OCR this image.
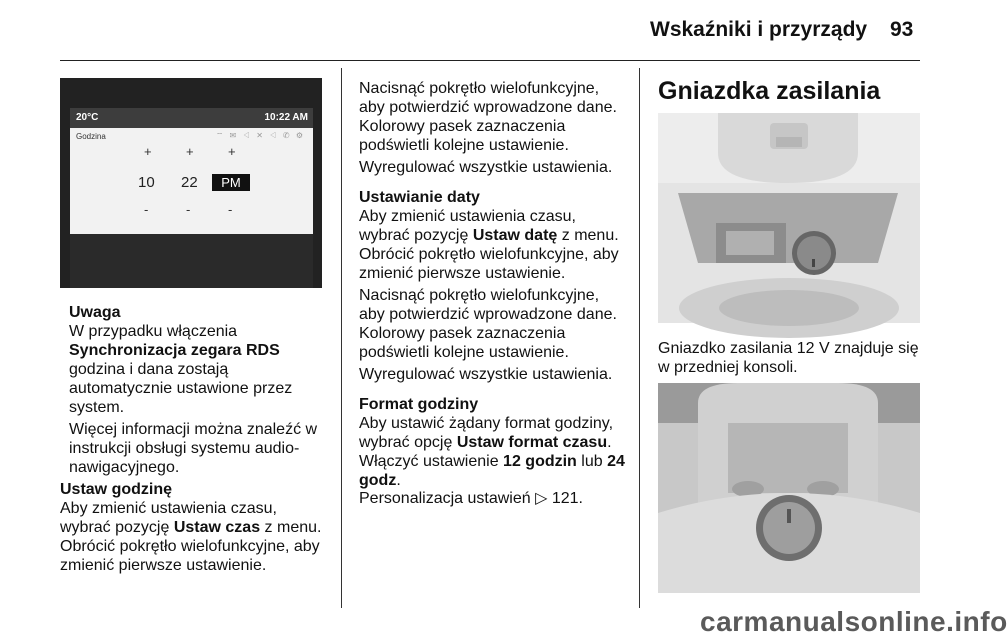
Wskaźniki i przyrządy 93
20°C	10:22 AM
Godzina	⌔ ✉ ◁ ✕ ◁ ✆ ⚙
+	+	+
10 22	PM
-	-	-

Uwaga

W przypadku włączenia

Synchronizacja zegara RDS

godzina i dana zostają

automatycznie ustawione przez

system.

Więcej informacji można znaleźć w

instrukcji obsługi systemu audio-

nawigacyjnego.

Ustaw godzinę

Aby zmienić ustawienia czasu,

wybrać pozycję Ustaw czas z menu.

Obrócić pokrętło wielofunkcyjne, aby

zmienić pierwsze ustawienie.

Nacisnąć pokrętło wielofunkcyjne,

aby potwierdzić wprowadzone dane.

Kolorowy pasek zaznaczenia

podświetli kolejne ustawienie.

Wyregulować wszystkie ustawienia.

Ustawianie daty

Aby zmienić ustawienia czasu,

wybrać pozycję Ustaw datę z menu.

Obrócić pokrętło wielofunkcyjne, aby

zmienić pierwsze ustawienie.

Nacisnąć pokrętło wielofunkcyjne,

aby potwierdzić wprowadzone dane.

Kolorowy pasek zaznaczenia

podświetli kolejne ustawienie.

Wyregulować wszystkie ustawienia.

Format godziny

Aby ustawić żądany format godziny,

wybrać opcję Ustaw format czasu.

Włączyć ustawienie 12 godzin lub 24

godz.

Personalizacja ustawień ▷ 121.

Gniazdka zasilania

Gniazdko zasilania 12 V znajduje się

w przedniej konsoli.

carmanualsonline.info
